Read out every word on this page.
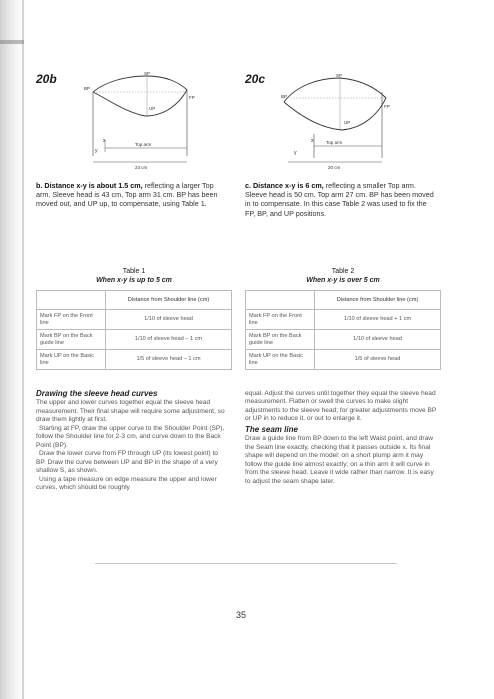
20b
x
y
Top arm
SP
BP
FP
UP
23 cm
20c
x
y
Top arm
SP
BP
FP
UP
20 cm
b. Distance x-y is about 1.5 cm, reflecting a larger Top arm. Sleeve head is 43 cm, Top arm 31 cm. BP has been moved out, and UP up, to compensate, using Table 1.
c. Distance x-y is 6 cm, reflecting a smaller Top arm. Sleeve head is 50 cm. Top arm 27 cm. BP has been moved in to compensate. In this case Table 2 was used to fix the FP, BP, and UP positions.
Table 1
When x-y is up to 5 cm
	Distance from Shoulder line (cm)
Mark FP on the Front line	1/10 of sleeve head
Mark BP on the Back guide line	1/10 of sleeve head – 1 cm
Mark UP on the Basic line	1/5 of sleeve head – 1 cm
Table 2
When x-y is over 5 cm
	Distance from Shoulder line (cm)
Mark FP on the Front line	1/10 of sleeve head + 1 cm
Mark BP on the Back guide line	1/10 of sleeve head
Mark UP on the Basic line	1/5 of sleeve head
Drawing the sleeve head curves

The upper and lower curves together equal the sleeve head measurement. Their final shape will require some adjustment, so draw them lightly at first.

Starting at FP, draw the upper curve to the Shoulder Point (SP), follow the Shoulder line for 2-3 cm, and curve down to the Back Point (BP).

Draw the lower curve from FP through UP (its lowest point) to BP. Draw the curve between UP and BP in the shape of a very shallow S, as shown.

Using a tape measure on edge measure the upper and lower curves, which should be roughly

equal. Adjust the curves until together they equal the sleeve head measurement. Flatten or swell the curves to make slight adjustments to the sleeve head; for greater adjustments move BP or UP in to reduce it, or out to enlarge it.

The seam line

Draw a guide line from BP down to the left Waist point, and draw the Seam line exactly, checking that it passes outside x. Its final shape will depend on the model: on a short plump arm it may follow the guide line almost exactly; on a thin arm it will curve in from the sleeve head. Leave it wide rather than narrow. It is easy to adjust the seam shape later.

35
